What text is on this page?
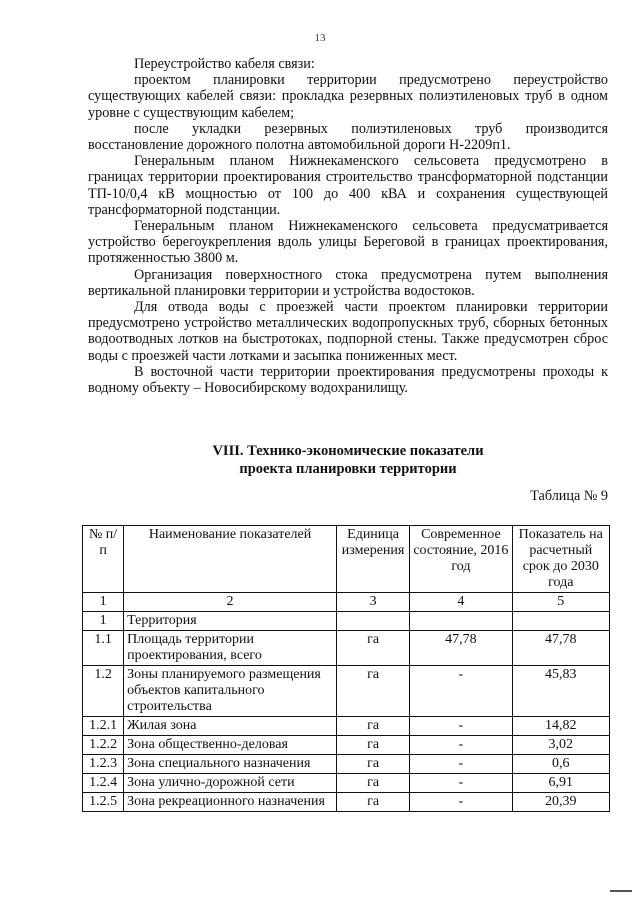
13

Переустройство кабеля связи:

проектом планировки территории предусмотрено переустройство существующих кабелей связи: прокладка резервных полиэтиленовых труб в одном уровне с существующим кабелем;

после укладки резервных полиэтиленовых труб производится восстановление дорожного полотна автомобильной дороги Н-2209п1.

Генеральным планом Нижнекаменского сельсовета предусмотрено в границах территории проектирования строительство трансформаторной подстанции ТП-10/0,4 кВ мощностью от 100 до 400 кВА и сохранения существующей трансформаторной подстанции.

Генеральным планом Нижнекаменского сельсовета предусматривается устройство берегоукрепления вдоль улицы Береговой в границах проектирования, протяженностью 3800 м.

Организация поверхностного стока предусмотрена путем выполнения вертикальной планировки территории и устройства водостоков.

Для отвода воды с проезжей части проектом планировки территории предусмотрено устройство металлических водопропускных труб, сборных бетонных водоотводных лотков на быстротоках, подпорной стены. Также предусмотрен сброс воды с проезжей части лотками и засыпка пониженных мест.

В восточной части территории проектирования предусмотрены проходы к водному объекту – Новосибирскому водохранилищу.

VIII. Технико-экономические показатели
проекта планировки территории
Таблица № 9
№ п/п	Наименование показателей	Единица измерения	Современное состояние, 2016 год	Показатель на расчетный срок до 2030 года
1	2	3	4	5
1	Территория			
1.1	Площадь территории проектирования, всего	га	47,78	47,78
1.2	Зоны планируемого размещения объектов капитального строительства	га	-	45,83
1.2.1	Жилая зона	га	-	14,82
1.2.2	Зона общественно-деловая	га	-	3,02
1.2.3	Зона специального назначения	га	-	0,6
1.2.4	Зона улично-дорожной сети	га	-	6,91
1.2.5	Зона рекреационного назначения	га	-	20,39
